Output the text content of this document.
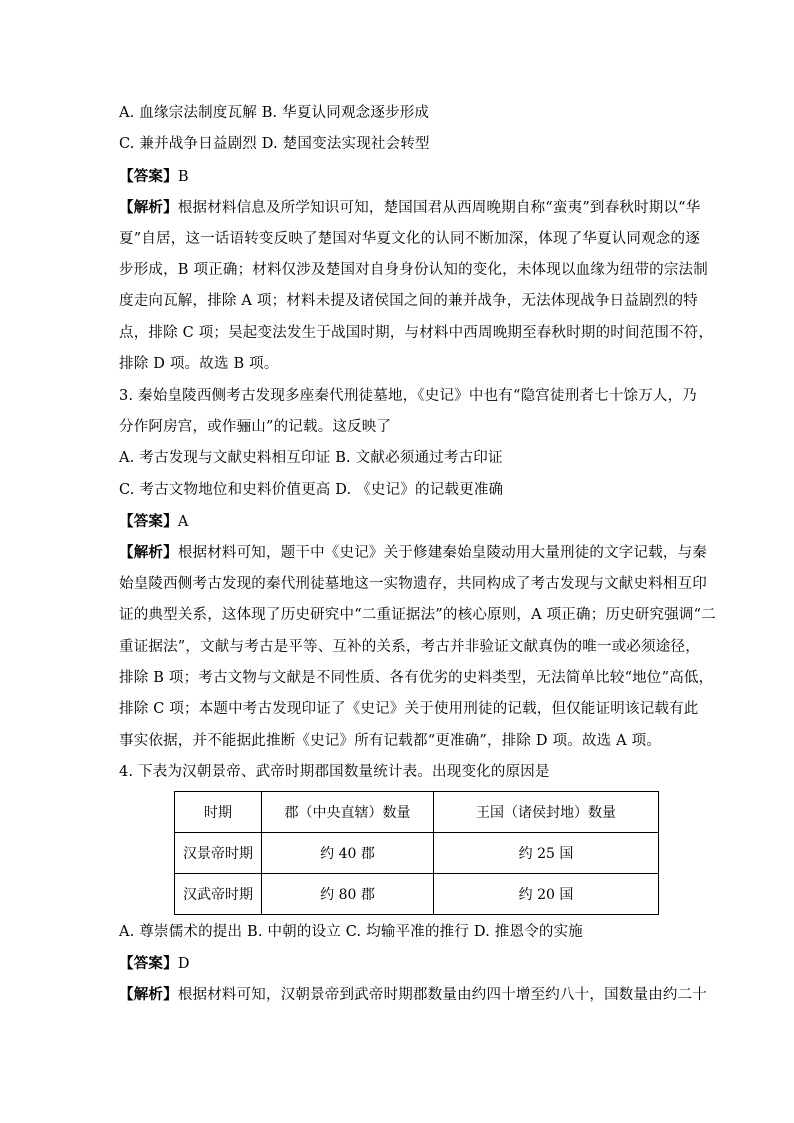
A. 血缘宗法制度瓦解 B. 华夏认同观念逐步形成
C. 兼并战争日益剧烈 D. 楚国变法实现社会转型
【答案】B
【解析】根据材料信息及所学知识可知，楚国国君从西周晚期自称“蛮夷”到春秋时期以“华
夏”自居，这一话语转变反映了楚国对华夏文化的认同不断加深，体现了华夏认同观念的逐
步形成，B 项正确；材料仅涉及楚国对自身身份认知的变化，未体现以血缘为纽带的宗法制
度走向瓦解，排除 A 项；材料未提及诸侯国之间的兼并战争，无法体现战争日益剧烈的特
点，排除 C 项；吴起变法发生于战国时期，与材料中西周晚期至春秋时期的时间范围不符，
排除 D 项。故选 B 项。
3. 秦始皇陵西侧考古发现多座秦代刑徒墓地，《史记》中也有“隐宫徒刑者七十馀万人，乃
分作阿房宫，或作骊山”的记载。这反映了
A. 考古发现与文献史料相互印证 B. 文献必须通过考古印证
C. 考古文物地位和史料价值更高 D. 《史记》的记载更准确
【答案】A
【解析】根据材料可知，题干中《史记》关于修建秦始皇陵动用大量刑徒的文字记载，与秦
始皇陵西侧考古发现的秦代刑徒墓地这一实物遗存，共同构成了考古发现与文献史料相互印
证的典型关系，这体现了历史研究中“二重证据法”的核心原则，A 项正确；历史研究强调“二
重证据法”，文献与考古是平等、互补的关系，考古并非验证文献真伪的唯一或必须途径，
排除 B 项；考古文物与文献是不同性质、各有优劣的史料类型，无法简单比较“地位”高低，
排除 C 项；本题中考古发现印证了《史记》关于使用刑徒的记载，但仅能证明该记载有此
事实依据，并不能据此推断《史记》所有记载都“更准确”，排除 D 项。故选 A 项。
4. 下表为汉朝景帝、武帝时期郡国数量统计表。出现变化的原因是
时期	郡（中央直辖）数量	王国（诸侯封地）数量
汉景帝时期	约 40 郡	约 25 国
汉武帝时期	约 80 郡	约 20 国
A. 尊崇儒术的提出 B. 中朝的设立 C. 均输平准的推行 D. 推恩令的实施
【答案】D
【解析】根据材料可知，汉朝景帝到武帝时期郡数量由约四十增至约八十，国数量由约二十
